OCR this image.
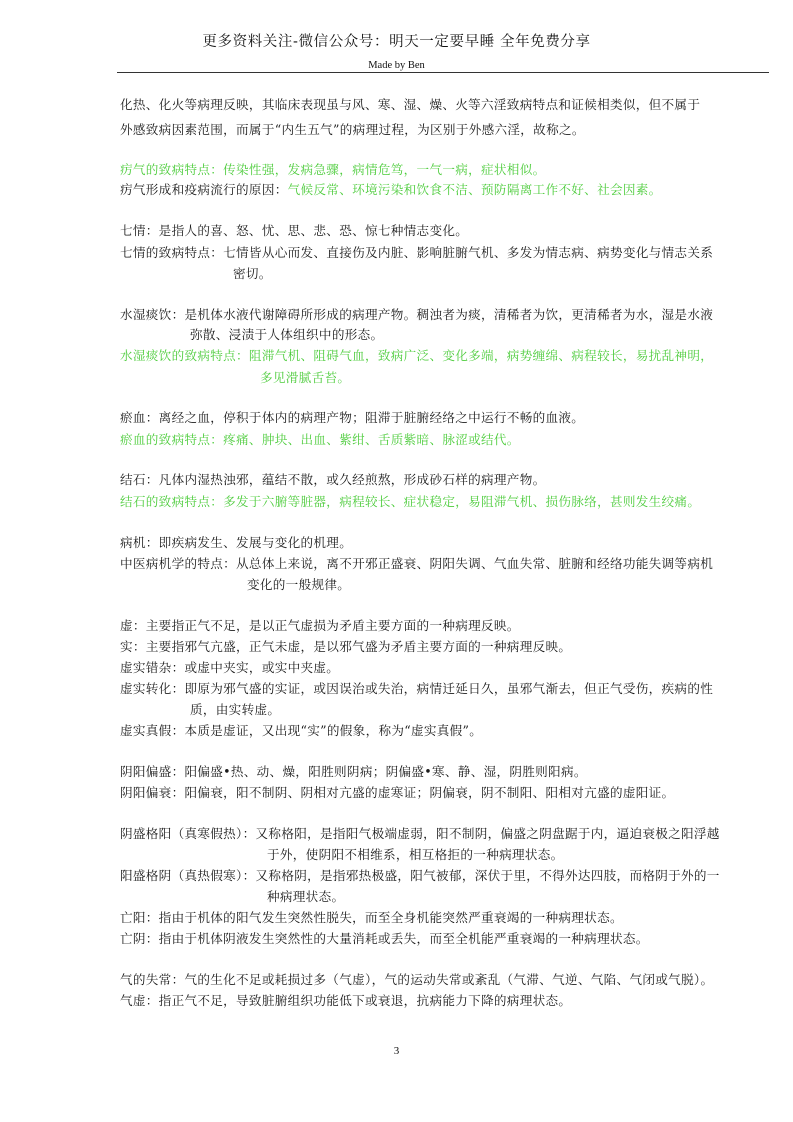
更多资料关注-微信公众号：明天一定要早睡 全年免费分享
Made by Ben
化热、化火等病理反映，其临床表现虽与风、寒、湿、燥、火等六淫致病特点和证候相类似，但不属于
外感致病因素范围，而属于“内生五气”的病理过程，为区别于外感六淫，故称之。
疠气的致病特点：传染性强，发病急骤，病情危笃，一气一病，症状相似。
疠气形成和疫病流行的原因：气候反常、环境污染和饮食不洁、预防隔离工作不好、社会因素。
七情：是指人的喜、怒、忧、思、悲、恐、惊七种情志变化。
七情的致病特点：七情皆从心而发、直接伤及内脏、影响脏腑气机、多发为情志病、病势变化与情志关系
密切。
水湿痰饮：是机体水液代谢障碍所形成的病理产物。稠浊者为痰，清稀者为饮，更清稀者为水，湿是水液
弥散、浸渍于人体组织中的形态。
水湿痰饮的致病特点：阻滞气机、阻碍气血，致病广泛、变化多端，病势缠绵、病程较长，易扰乱神明，
多见滑腻舌苔。
瘀血：离经之血，停积于体内的病理产物；阻滞于脏腑经络之中运行不畅的血液。
瘀血的致病特点：疼痛、肿块、出血、紫绀、舌质紫暗、脉涩或结代。
结石：凡体内湿热浊邪，蕴结不散，或久经煎熬，形成砂石样的病理产物。
结石的致病特点：多发于六腑等脏器，病程较长、症状稳定，易阻滞气机、损伤脉络，甚则发生绞痛。
病机：即疾病发生、发展与变化的机理。
中医病机学的特点：从总体上来说，离不开邪正盛衰、阴阳失调、气血失常、脏腑和经络功能失调等病机
变化的一般规律。
虚：主要指正气不足，是以正气虚损为矛盾主要方面的一种病理反映。
实：主要指邪气亢盛，正气未虚，是以邪气盛为矛盾主要方面的一种病理反映。
虚实错杂：或虚中夹实，或实中夹虚。
虚实转化：即原为邪气盛的实证，或因误治或失治，病情迁延日久，虽邪气渐去，但正气受伤，疾病的性
质，由实转虚。
虚实真假：本质是虚证，又出现“实”的假象，称为“虚实真假”。
阴阳偏盛：阳偏盛•热、动、燥，阳胜则阴病；阴偏盛•寒、静、湿，阴胜则阳病。
阴阳偏衰：阳偏衰，阳不制阴、阴相对亢盛的虚寒证；阴偏衰，阴不制阳、阳相对亢盛的虚阳证。
阴盛格阳（真寒假热）：又称格阳，是指阳气极端虚弱，阳不制阴，偏盛之阴盘踞于内，逼迫衰极之阳浮越
于外，使阴阳不相维系，相互格拒的一种病理状态。
阳盛格阴（真热假寒）：又称格阴，是指邪热极盛，阳气被郁，深伏于里，不得外达四肢，而格阴于外的一
种病理状态。
亡阳：指由于机体的阳气发生突然性脱失，而至全身机能突然严重衰竭的一种病理状态。
亡阴：指由于机体阴液发生突然性的大量消耗或丢失，而至全机能严重衰竭的一种病理状态。
气的失常：气的生化不足或耗损过多（气虚），气的运动失常或紊乱（气滞、气逆、气陷、气闭或气脱）。
气虚：指正气不足，导致脏腑组织功能低下或衰退，抗病能力下降的病理状态。
3
